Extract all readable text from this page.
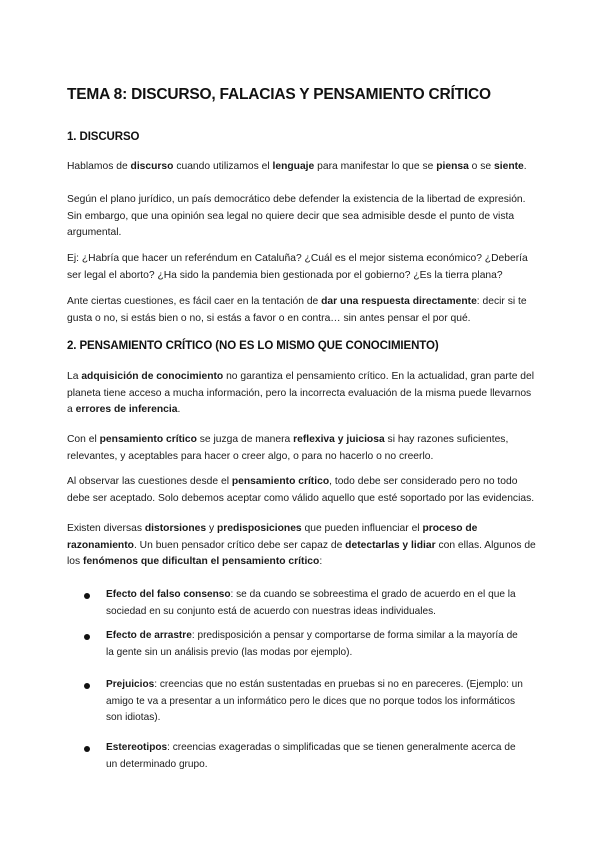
TEMA 8: DISCURSO, FALACIAS Y PENSAMIENTO CRÍTICO
1. DISCURSO

Hablamos de discurso cuando utilizamos el lenguaje para manifestar lo que se piensa o se siente.

Según el plano jurídico, un país democrático debe defender la existencia de la libertad de expresión. Sin embargo, que una opinión sea legal no quiere decir que sea admisible desde el punto de vista argumental.

Ej: ¿Habría que hacer un referéndum en Cataluña? ¿Cuál es el mejor sistema económico? ¿Debería ser legal el aborto? ¿Ha sido la pandemia bien gestionada por el gobierno? ¿Es la tierra plana?

Ante ciertas cuestiones, es fácil caer en la tentación de dar una respuesta directamente: decir si te gusta o no, si estás bien o no, si estás a favor o en contra… sin antes pensar el por qué.

2. PENSAMIENTO CRÍTICO (NO ES LO MISMO QUE CONOCIMIENTO)

La adquisición de conocimiento no garantiza el pensamiento crítico. En la actualidad, gran parte del planeta tiene acceso a mucha información, pero la incorrecta evaluación de la misma puede llevarnos a errores de inferencia.

Con el pensamiento crítico se juzga de manera reflexiva y juiciosa si hay razones suficientes, relevantes, y aceptables para hacer o creer algo, o para no hacerlo o no creerlo.

Al observar las cuestiones desde el pensamiento crítico, todo debe ser considerado pero no todo debe ser aceptado. Solo debemos aceptar como válido aquello que esté soportado por las evidencias.

Existen diversas distorsiones y predisposiciones que pueden influenciar el proceso de razonamiento. Un buen pensador crítico debe ser capaz de detectarlas y lidiar con ellas. Algunos de los fenómenos que dificultan el pensamiento crítico:

Efecto del falso consenso: se da cuando se sobreestima el grado de acuerdo en el que la sociedad en su conjunto está de acuerdo con nuestras ideas individuales.

Efecto de arrastre: predisposición a pensar y comportarse de forma similar a la mayoría de la gente sin un análisis previo (las modas por ejemplo).

Prejuicios: creencias que no están sustentadas en pruebas si no en pareceres. (Ejemplo: un amigo te va a presentar a un informático pero le dices que no porque todos los informáticos son idiotas).

Estereotipos: creencias exageradas o simplificadas que se tienen generalmente acerca de un determinado grupo.
